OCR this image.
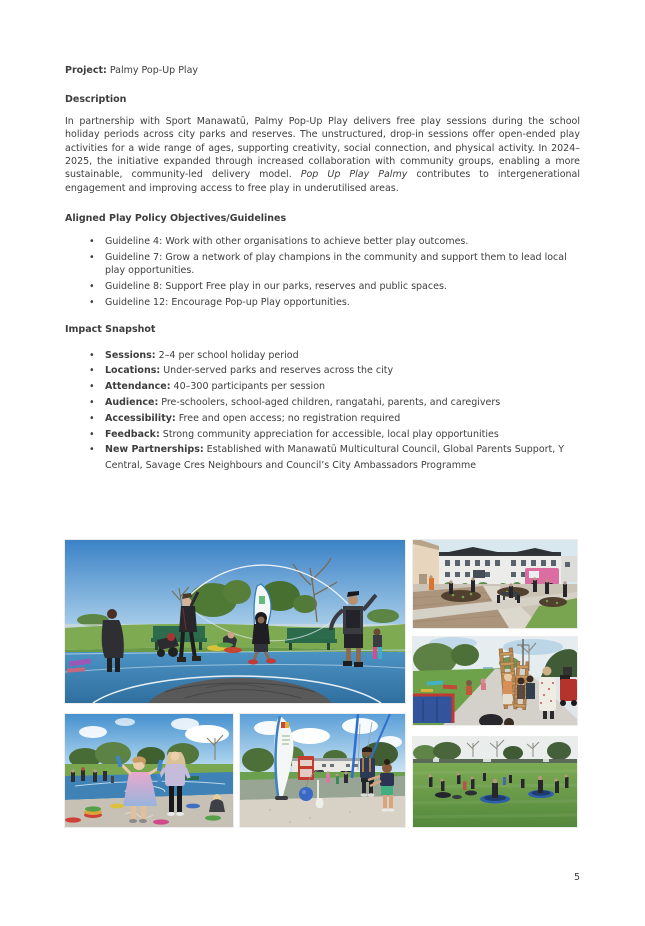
Project: Palmy Pop-Up Play

Description

In partnership with Sport Manawatū, Palmy Pop-Up Play delivers free play sessions during the school holiday periods across city parks and reserves. The unstructured, drop-in sessions offer open-ended play activities for a wide range of ages, supporting creativity, social connection, and physical activity. In 2024–2025, the initiative expanded through increased collaboration with community groups, enabling a more sustainable, community-led delivery model. Pop Up Play Palmy contributes to intergenerational engagement and improving access to free play in underutilised areas.

Aligned Play Policy Objectives/Guidelines
• Guideline 4: Work with other organisations to achieve better play outcomes.
• Guideline 7: Grow a network of play champions in the community and support them to lead local play opportunities.
• Guideline 8: Support Free play in our parks, reserves and public spaces.
• Guideline 12: Encourage Pop-up Play opportunities.
Impact Snapshot
• Sessions: 2–4 per school holiday period
• Locations: Under-served parks and reserves across the city
• Attendance: 40–300 participants per session
• Audience: Pre-schoolers, school-aged children, rangatahi, parents, and caregivers
• Accessibility: Free and open access; no registration required
• Feedback: Strong community appreciation for accessible, local play opportunities
• New Partnerships: Established with Manawatū Multicultural Council, Global Parents Support, Y Central, Savage Cres Neighbours and Council’s City Ambassadors Programme
5
